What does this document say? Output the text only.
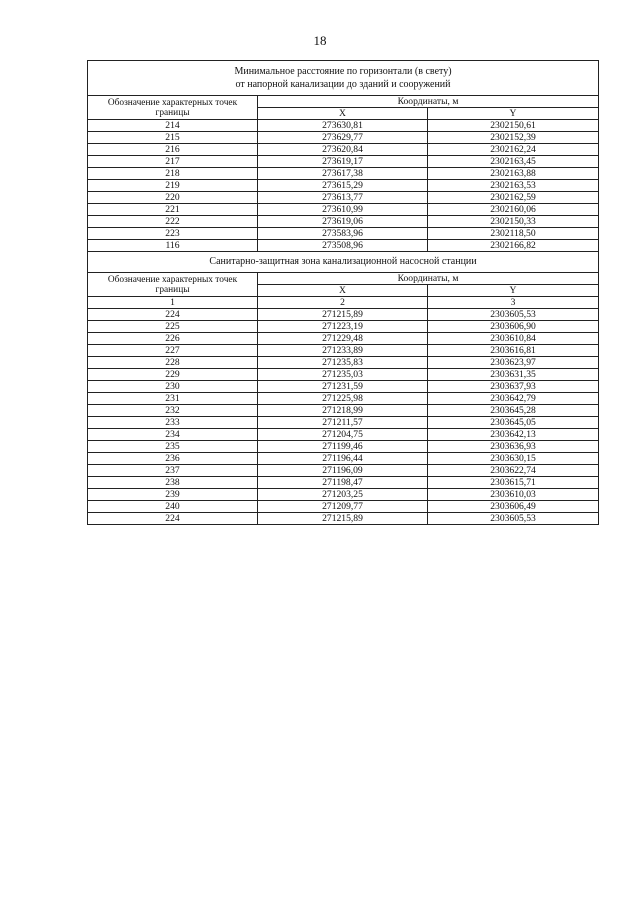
18
Минимальное расстояние по горизонтали (в свету)
от напорной канализации до зданий и сооружений		
Обозначение характерных точек границы	Координаты, м	
	X	Y
214	273630,81	2302150,61
215	273629,77	2302152,39
216	273620,84	2302162,24
217	273619,17	2302163,45
218	273617,38	2302163,88
219	273615,29	2302163,53
220	273613,77	2302162,59
221	273610,99	2302160,06
222	273619,06	2302150,33
223	273583,96	2302118,50
116	273508,96	2302166,82
Санитарно-защитная зона канализационной насосной станции		
Обозначение характерных точек границы	Координаты, м	
	X	Y
1	2	3
224	271215,89	2303605,53
225	271223,19	2303606,90
226	271229,48	2303610,84
227	271233,89	2303616,81
228	271235,83	2303623,97
229	271235,03	2303631,35
230	271231,59	2303637,93
231	271225,98	2303642,79
232	271218,99	2303645,28
233	271211,57	2303645,05
234	271204,75	2303642,13
235	271199,46	2303636,93
236	271196,44	2303630,15
237	271196,09	2303622,74
238	271198,47	2303615,71
239	271203,25	2303610,03
240	271209,77	2303606,49
224	271215,89	2303605,53
